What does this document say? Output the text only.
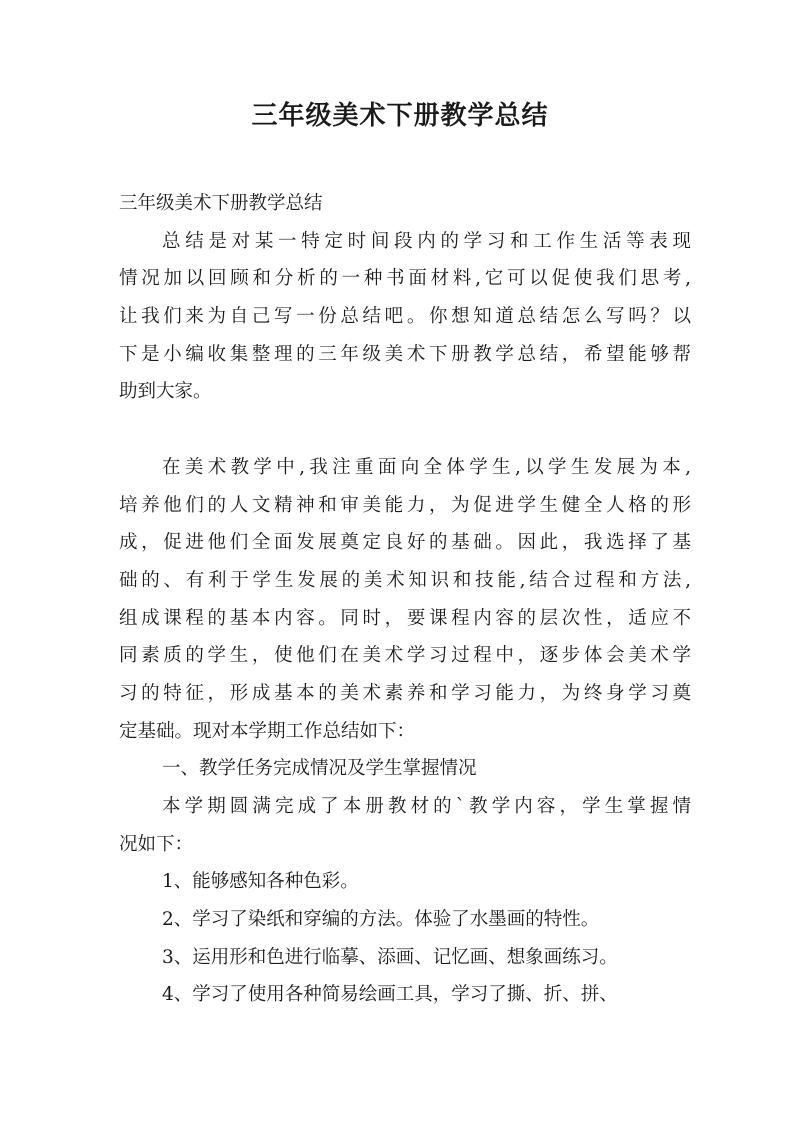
三年级美术下册教学总结
三年级美术下册教学总结
总结是对某一特定时间段内的学习和工作生活等表现
情况加以回顾和分析的一种书面材料,它可以促使我们思考,
让我们来为自己写一份总结吧。你想知道总结怎么写吗？以
下是小编收集整理的三年级美术下册教学总结，希望能够帮
助到大家。
在美术教学中,我注重面向全体学生,以学生发展为本,
培养他们的人文精神和审美能力，为促进学生健全人格的形
成，促进他们全面发展奠定良好的基础。因此，我选择了基
础的、有利于学生发展的美术知识和技能,结合过程和方法,
组成课程的基本内容。同时，要课程内容的层次性，适应不
同素质的学生，使他们在美术学习过程中，逐步体会美术学
习的特征，形成基本的美术素养和学习能力，为终身学习奠
定基础。现对本学期工作总结如下：
一、教学任务完成情况及学生掌握情况
本学期圆满完成了本册教材的`教学内容，学生掌握情
况如下：
1、能够感知各种色彩。
2、学习了染纸和穿编的方法。体验了水墨画的特性。
3、运用形和色进行临摹、添画、记忆画、想象画练习。
4、学习了使用各种简易绘画工具，学习了撕、折、拼、
